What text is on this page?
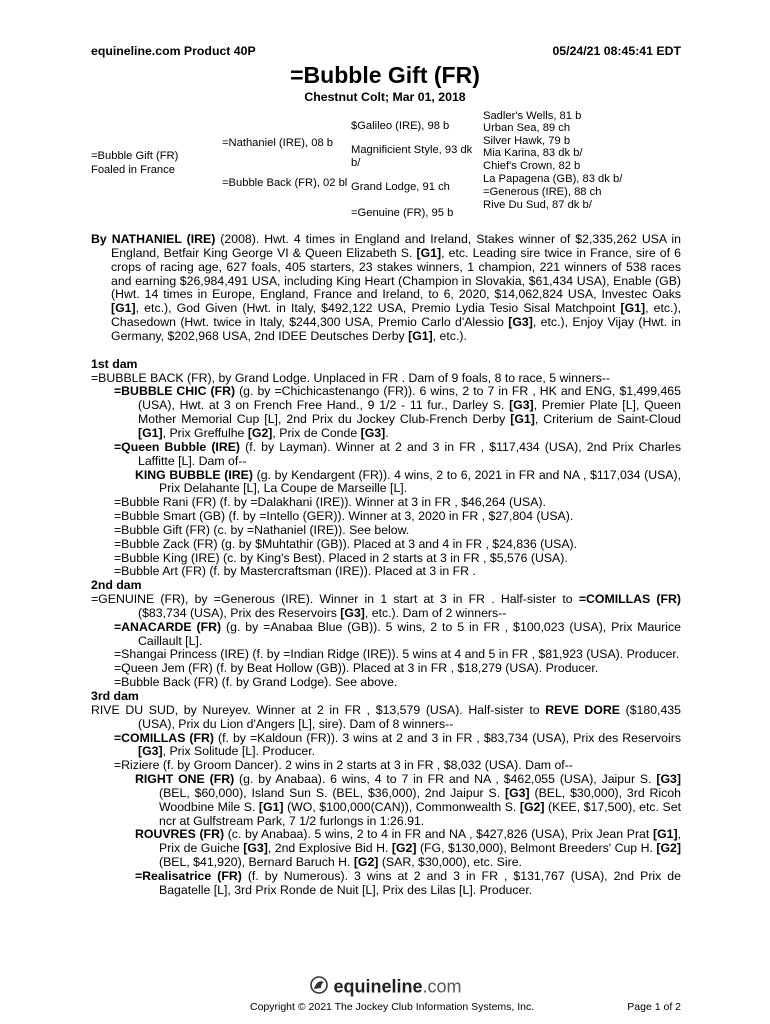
equineline.com Product 40P	05/24/21 08:45:41 EDT
=Bubble Gift (FR)
Chestnut Colt; Mar 01, 2018
=Bubble Gift (FR)
Foaled in France
=Nathaniel (IRE), 08 b
=Bubble Back (FR), 02 bl
$Galileo (IRE), 98 b
Magnificient Style, 93 dk
b/
Grand Lodge, 91 ch
=Genuine (FR), 95 b
Sadler's Wells, 81 b
Urban Sea, 89 ch
Silver Hawk, 79 b
Mia Karina, 83 dk b/
Chief's Crown, 82 b
La Papagena (GB), 83 dk b/
=Generous (IRE), 88 ch
Rive Du Sud, 87 dk b/
By NATHANIEL (IRE) (2008). Hwt. 4 times in England and Ireland, Stakes winner of $2,335,262 USA in England, Betfair King George VI & Queen Elizabeth S. [G1], etc. Leading sire twice in France, sire of 6 crops of racing age, 627 foals, 405 starters, 23 stakes winners, 1 champion, 221 winners of 538 races and earning $26,984,491 USA, including King Heart (Champion in Slovakia, $61,434 USA), Enable (GB) (Hwt. 14 times in Europe, England, France and Ireland, to 6, 2020, $14,062,824 USA, Investec Oaks [G1], etc.), God Given (Hwt. in Italy, $492,122 USA, Premio Lydia Tesio Sisal Matchpoint [G1], etc.), Chasedown (Hwt. twice in Italy, $244,300 USA, Premio Carlo d'Alessio [G3], etc.), Enjoy Vijay (Hwt. in Germany, $202,968 USA, 2nd IDEE Deutsches Derby [G1], etc.).
1st dam
=BUBBLE BACK (FR), by Grand Lodge. Unplaced in FR . Dam of 9 foals, 8 to race, 5 winners--
=BUBBLE CHIC (FR) (g. by =Chichicastenango (FR)). 6 wins, 2 to 7 in FR , HK and ENG, $1,499,465 (USA), Hwt. at 3 on French Free Hand., 9 1/2 - 11 fur., Darley S. [G3], Premier Plate [L], Queen Mother Memorial Cup [L], 2nd Prix du Jockey Club-French Derby [G1], Criterium de Saint-Cloud [G1], Prix Greffulhe [G2], Prix de Conde [G3].
=Queen Bubble (IRE) (f. by Layman). Winner at 2 and 3 in FR , $117,434 (USA), 2nd Prix Charles Laffitte [L]. Dam of--
KING BUBBLE (IRE) (g. by Kendargent (FR)). 4 wins, 2 to 6, 2021 in FR and NA , $117,034 (USA), Prix Delahante [L], La Coupe de Marseille [L].
=Bubble Rani (FR) (f. by =Dalakhani (IRE)). Winner at 3 in FR , $46,264 (USA).
=Bubble Smart (GB) (f. by =Intello (GER)). Winner at 3, 2020 in FR , $27,804 (USA).
=Bubble Gift (FR) (c. by =Nathaniel (IRE)). See below.
=Bubble Zack (FR) (g. by $Muhtathir (GB)). Placed at 3 and 4 in FR , $24,836 (USA).
=Bubble King (IRE) (c. by King's Best). Placed in 2 starts at 3 in FR , $5,576 (USA).
=Bubble Art (FR) (f. by Mastercraftsman (IRE)). Placed at 3 in FR .
2nd dam
=GENUINE (FR), by =Generous (IRE). Winner in 1 start at 3 in FR . Half-sister to =COMILLAS (FR) ($83,734 (USA), Prix des Reservoirs [G3], etc.). Dam of 2 winners--
=ANACARDE (FR) (g. by =Anabaa Blue (GB)). 5 wins, 2 to 5 in FR , $100,023 (USA), Prix Maurice Caillault [L].
=Shangai Princess (IRE) (f. by =Indian Ridge (IRE)). 5 wins at 4 and 5 in FR , $81,923 (USA). Producer.
=Queen Jem (FR) (f. by Beat Hollow (GB)). Placed at 3 in FR , $18,279 (USA). Producer.
=Bubble Back (FR) (f. by Grand Lodge). See above.
3rd dam
RIVE DU SUD, by Nureyev. Winner at 2 in FR , $13,579 (USA). Half-sister to REVE DORE ($180,435 (USA), Prix du Lion d'Angers [L], sire). Dam of 8 winners--
=COMILLAS (FR) (f. by =Kaldoun (FR)). 3 wins at 2 and 3 in FR , $83,734 (USA), Prix des Reservoirs [G3], Prix Solitude [L]. Producer.
=Riziere (f. by Groom Dancer). 2 wins in 2 starts at 3 in FR , $8,032 (USA). Dam of--
RIGHT ONE (FR) (g. by Anabaa). 6 wins, 4 to 7 in FR and NA , $462,055 (USA), Jaipur S. [G3] (BEL, $60,000), Island Sun S. (BEL, $36,000), 2nd Jaipur S. [G3] (BEL, $30,000), 3rd Ricoh Woodbine Mile S. [G1] (WO, $100,000(CAN)), Commonwealth S. [G2] (KEE, $17,500), etc. Set ncr at Gulfstream Park, 7 1/2 furlongs in 1:26.91.
ROUVRES (FR) (c. by Anabaa). 5 wins, 2 to 4 in FR and NA , $427,826 (USA), Prix Jean Prat [G1], Prix de Guiche [G3], 2nd Explosive Bid H. [G2] (FG, $130,000), Belmont Breeders' Cup H. [G2] (BEL, $41,920), Bernard Baruch H. [G2] (SAR, $30,000), etc. Sire.
=Realisatrice (FR) (f. by Numerous). 3 wins at 2 and 3 in FR , $131,767 (USA), 2nd Prix de Bagatelle [L], 3rd Prix Ronde de Nuit [L], Prix des Lilas [L]. Producer.
equineline.com
Copyright © 2021 The Jockey Club Information Systems, Inc.	Page 1 of 2
